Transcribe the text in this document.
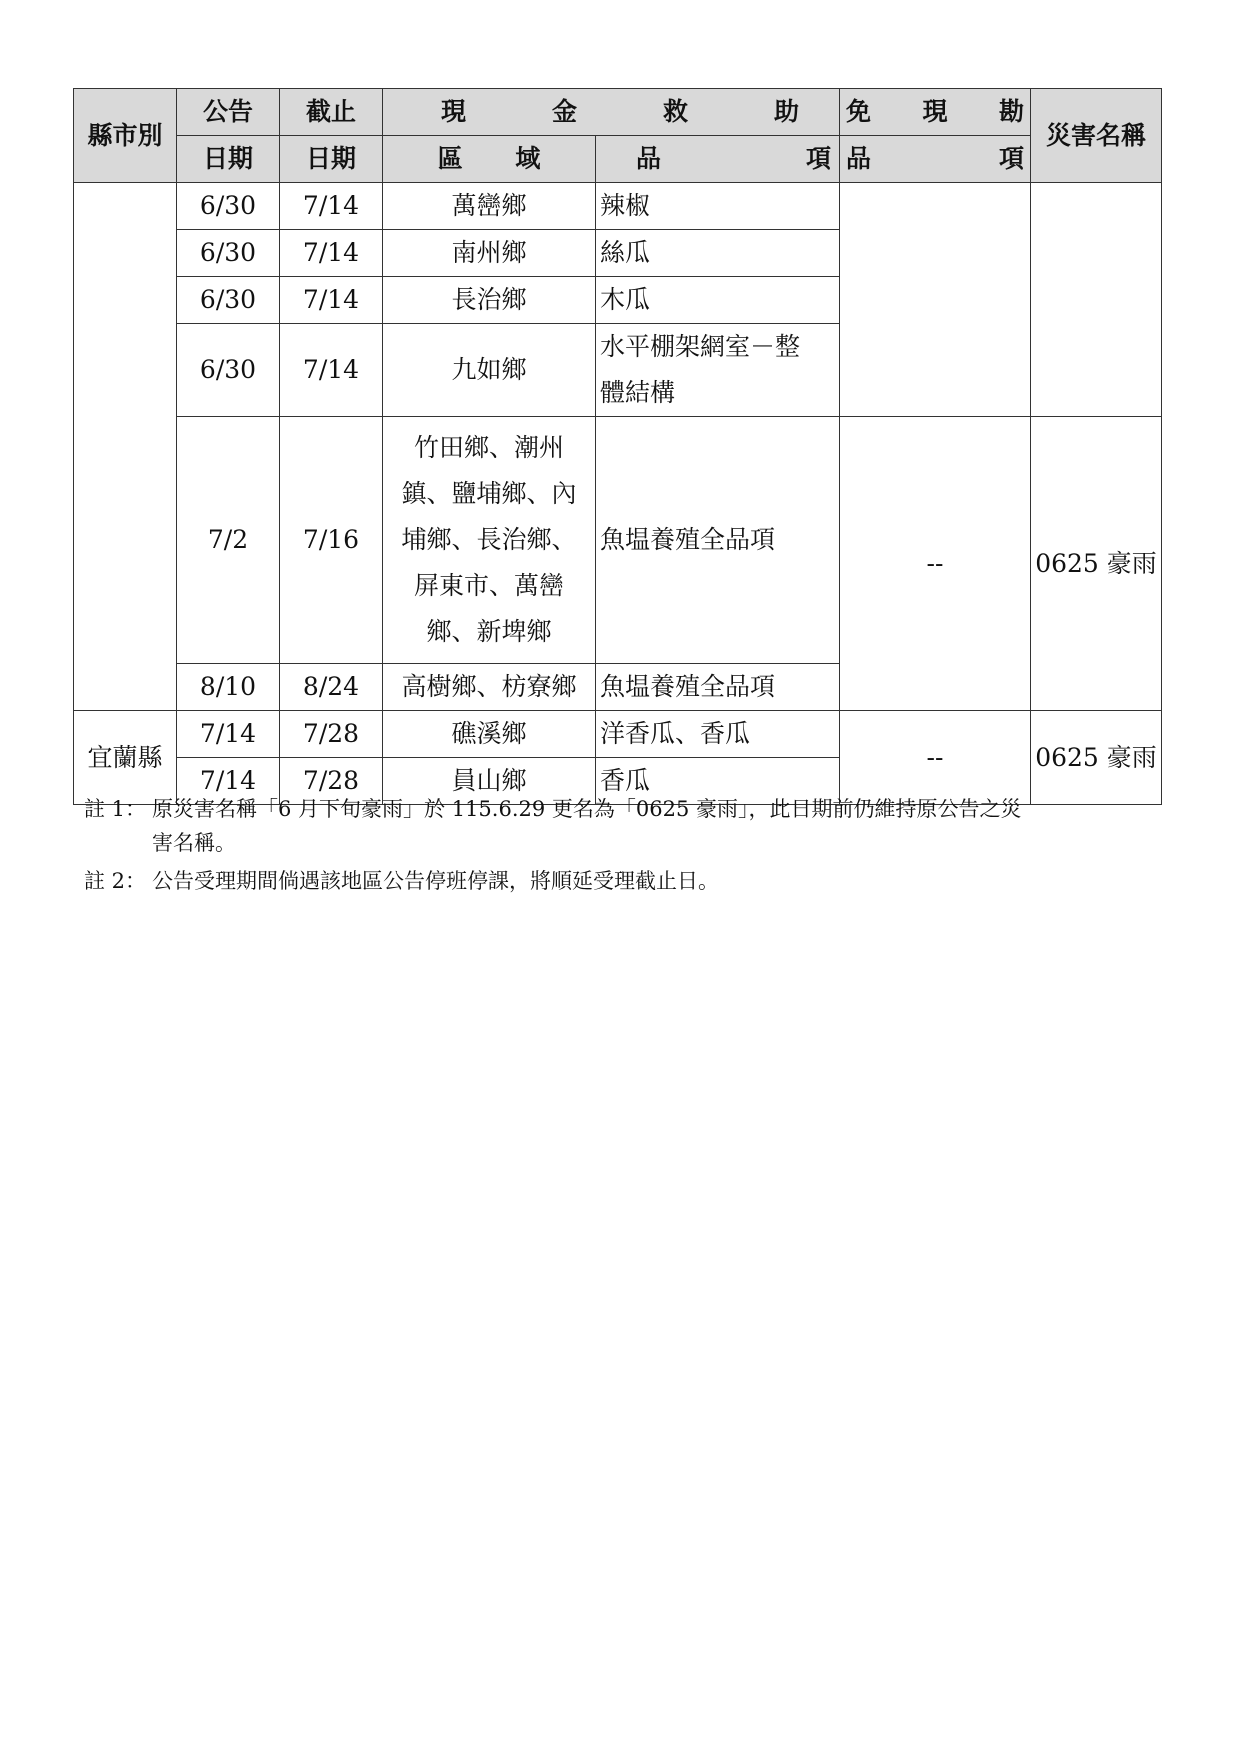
縣市別	公告	截止	現 金 救 助		免 現 勘	災害名稱
	日期	日期	區 域	品 項	品 項	

	6/30	7/14	萬巒鄉	辣椒		
	6/30	7/14	南州鄉	絲瓜		
	6/30	7/14	長治鄉	木瓜		
	6/30	7/14	九如鄉	水平棚架網室－整
體結構		

	7/2	7/16	竹田鄉、潮州
鎮、鹽埔鄉、內
埔鄉、長治鄉、
屏東市、萬巒
鄉、新埤鄉	魚塭養殖全品項	--	0625 豪雨
	8/10	8/24	高樹鄉、枋寮鄉	魚塭養殖全品項		
宜蘭縣	7/14	7/28	礁溪鄉	洋香瓜、香瓜	--	0625 豪雨
	7/14	7/28	員山鄉	香瓜		
註 1： 原災害名稱「6 月下旬豪雨」於 115.6.29 更名為「0625 豪雨」，此日期前仍維持原公告之災
害名稱。
註 2： 公告受理期間倘遇該地區公告停班停課，將順延受理截止日。
